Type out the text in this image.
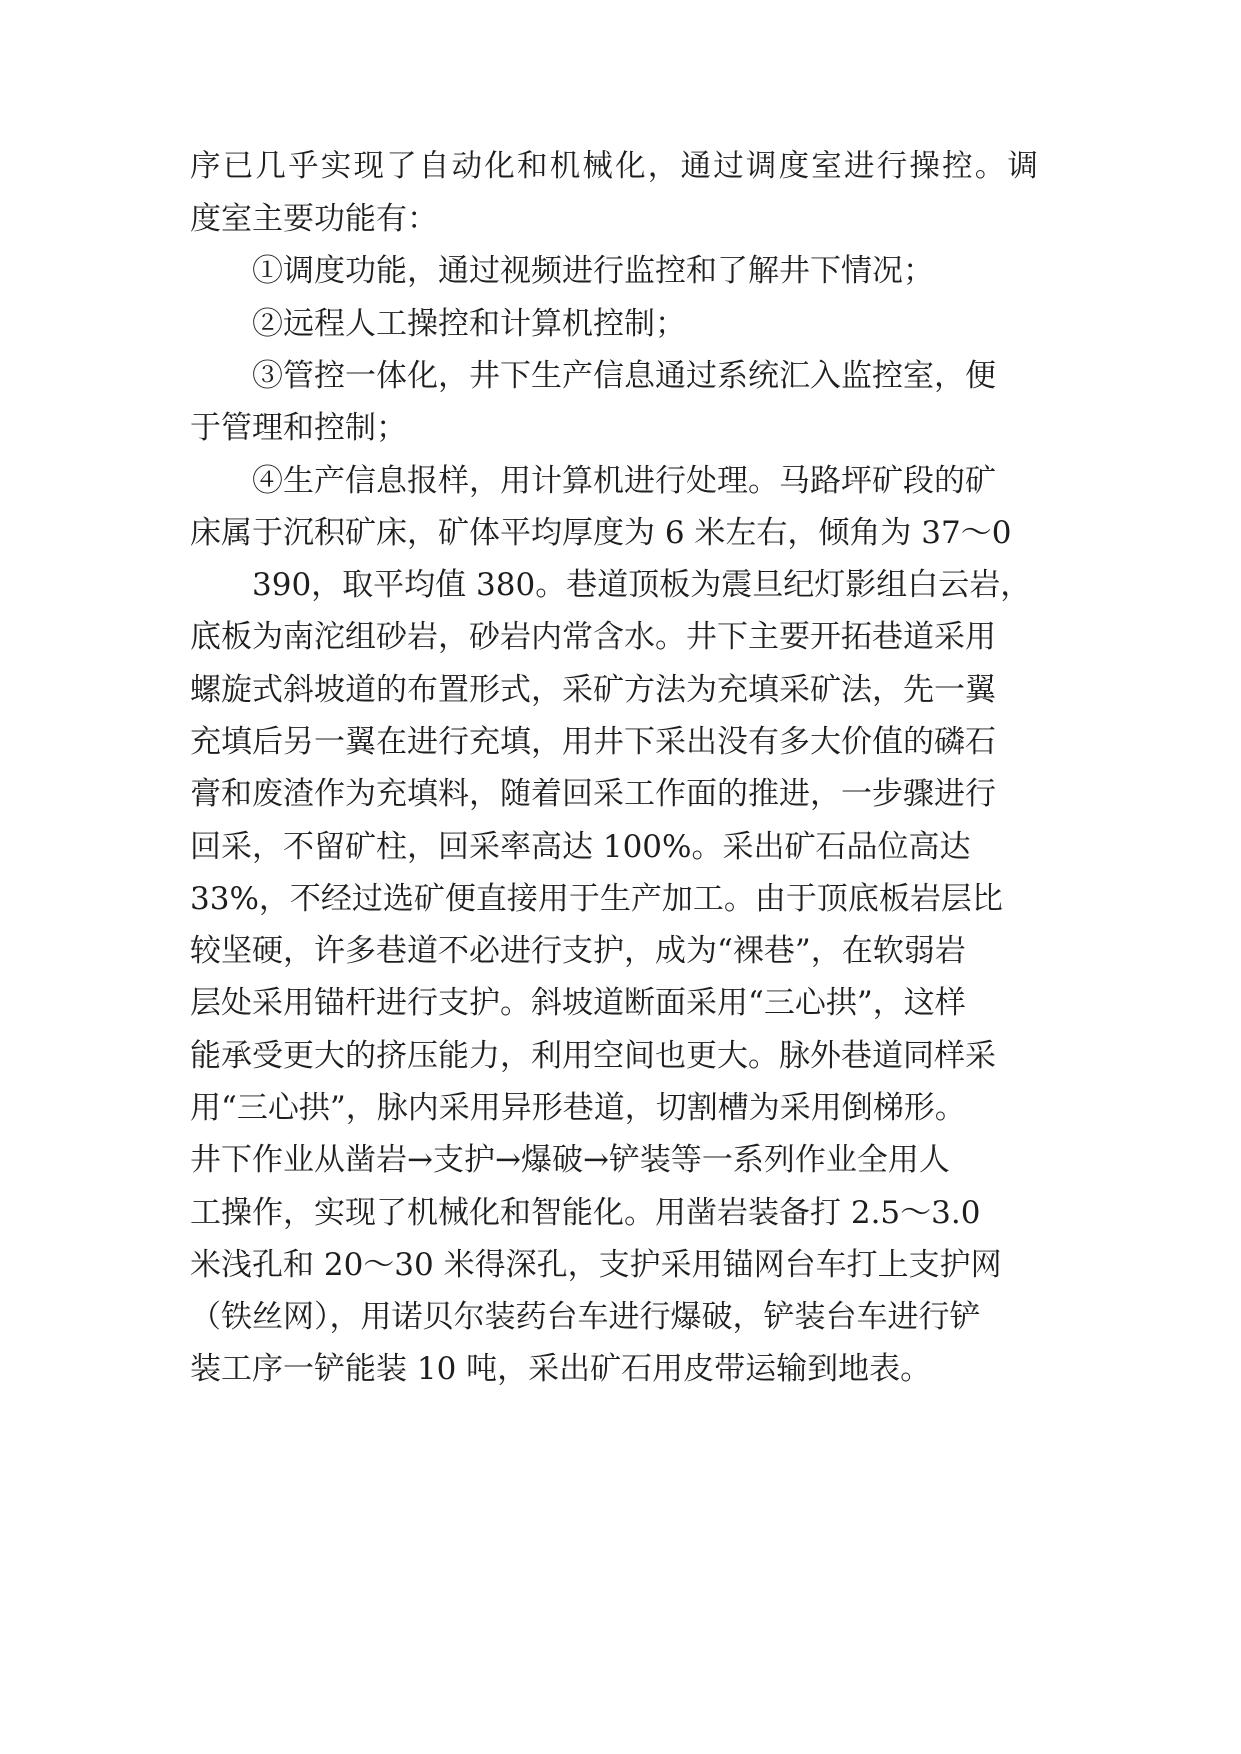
序已几乎实现了自动化和机械化，通过调度室进行操控。调
度室主要功能有：
①调度功能，通过视频进行监控和了解井下情况；
②远程人工操控和计算机控制；
③管控一体化，井下生产信息通过系统汇入监控室，便
于管理和控制；
④生产信息报样，用计算机进行处理。马路坪矿段的矿
床属于沉积矿床，矿体平均厚度为 6 米左右，倾角为 37～0
390，取平均值 380。巷道顶板为震旦纪灯影组白云岩，
底板为南沱组砂岩，砂岩内常含水。井下主要开拓巷道采用
螺旋式斜坡道的布置形式，采矿方法为充填采矿法，先一翼
充填后另一翼在进行充填，用井下采出没有多大价值的磷石
膏和废渣作为充填料，随着回采工作面的推进，一步骤进行
回采，不留矿柱，回采率高达 100%。采出矿石品位高达
33%，不经过选矿便直接用于生产加工。由于顶底板岩层比
较坚硬，许多巷道不必进行支护，成为“裸巷”，在软弱岩
层处采用锚杆进行支护。斜坡道断面采用“三心拱”，这样
能承受更大的挤压能力，利用空间也更大。脉外巷道同样采
用“三心拱”，脉内采用异形巷道，切割槽为采用倒梯形。
井下作业从凿岩→支护→爆破→铲装等一系列作业全用人
工操作，实现了机械化和智能化。用凿岩装备打 2.5～3.0
米浅孔和 20～30 米得深孔，支护采用锚网台车打上支护网
（铁丝网），用诺贝尔装药台车进行爆破，铲装台车进行铲
装工序一铲能装 10 吨，采出矿石用皮带运输到地表。
